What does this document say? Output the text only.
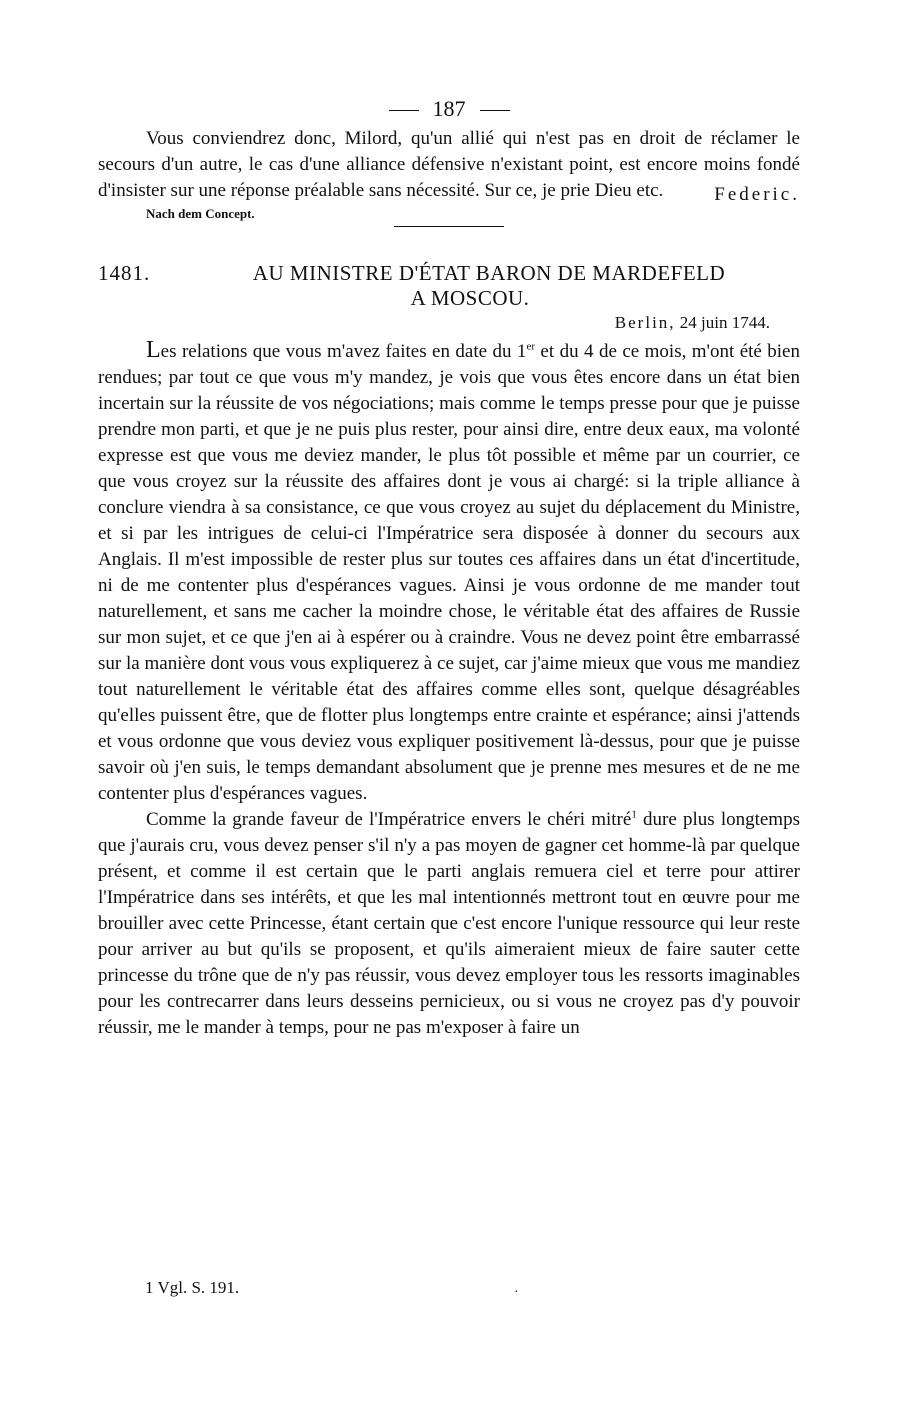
187

Vous conviendrez donc, Milord, qu'un allié qui n'est pas en droit de réclamer le secours d'un autre, le cas d'une alliance défensive n'existant point, est encore moins fondé d'insister sur une réponse préalable sans nécessité. Sur ce, je prie Dieu etc.	Federic.

Nach dem Concept.
1481.	AU MINISTRE D'ÉTAT BARON DE MARDEFELD
A MOSCOU.
Berlin, 24 juin 1744.

Les relations que vous m'avez faites en date du 1er et du 4 de ce mois, m'ont été bien rendues; par tout ce que vous m'y mandez, je vois que vous êtes encore dans un état bien incertain sur la réussite de vos négociations; mais comme le temps presse pour que je puisse prendre mon parti, et que je ne puis plus rester, pour ainsi dire, entre deux eaux, ma volonté expresse est que vous me deviez mander, le plus tôt possible et même par un courrier, ce que vous croyez sur la réussite des affaires dont je vous ai chargé: si la triple alliance à conclure viendra à sa consistance, ce que vous croyez au sujet du déplacement du Ministre, et si par les intrigues de celui-ci l'Impératrice sera disposée à donner du secours aux Anglais. Il m'est impossible de rester plus sur toutes ces affaires dans un état d'incertitude, ni de me contenter plus d'espérances vagues. Ainsi je vous ordonne de me mander tout naturellement, et sans me cacher la moindre chose, le véritable état des affaires de Russie sur mon sujet, et ce que j'en ai à espérer ou à craindre. Vous ne devez point être embarrassé sur la manière dont vous vous expliquerez à ce sujet, car j'aime mieux que vous me mandiez tout naturellement le véritable état des affaires comme elles sont, quelque désagréables qu'elles puissent être, que de flotter plus longtemps entre crainte et espérance; ainsi j'attends et vous ordonne que vous deviez vous expliquer positivement là-dessus, pour que je puisse savoir où j'en suis, le temps demandant absolument que je prenne mes mesures et de ne me contenter plus d'espérances vagues.

Comme la grande faveur de l'Impératrice envers le chéri mitré$^1$ dure plus longtemps que j'aurais cru, vous devez penser s'il n'y a pas moyen de gagner cet homme-là par quelque présent, et comme il est certain que le parti anglais remuera ciel et terre pour attirer l'Impératrice dans ses intérêts, et que les mal intentionnés mettront tout en œuvre pour me brouiller avec cette Princesse, étant certain que c'est encore l'unique ressource qui leur reste pour arriver au but qu'ils se proposent, et qu'ils aimeraient mieux de faire sauter cette princesse du trône que de n'y pas réussir, vous devez employer tous les ressorts imaginables pour les contrecarrer dans leurs desseins pernicieux, ou si vous ne croyez pas d'y pouvoir réussir, me le mander à temps, pour ne pas m'exposer à faire un

1 Vgl. S. 191.	·
